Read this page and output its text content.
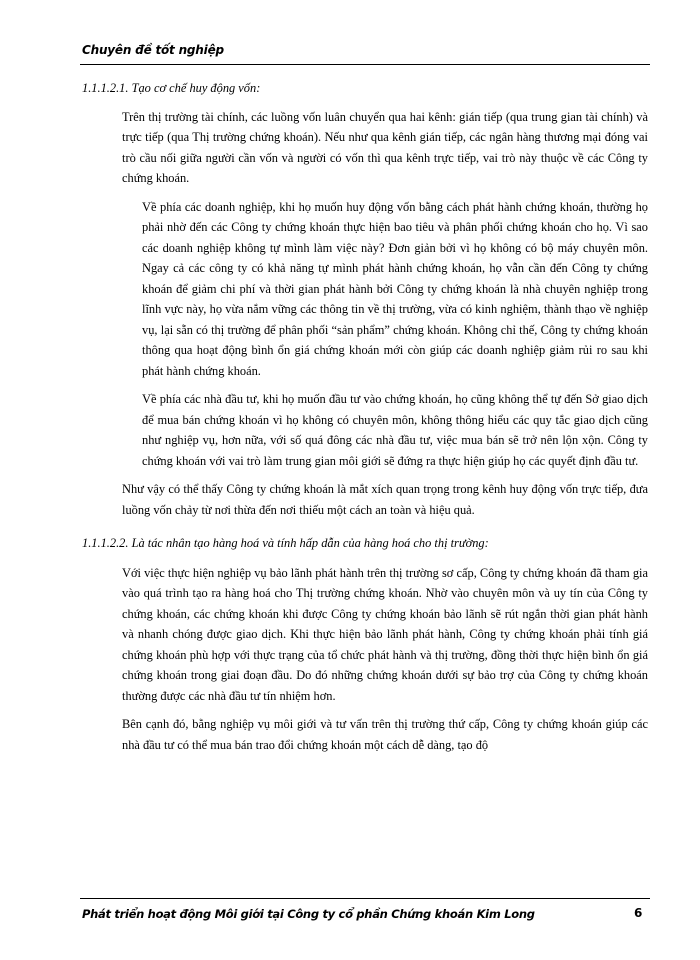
Chuyên đề tốt nghiệp
1.1.1.2.1. Tạo cơ chế huy động vốn:

Trên thị trường tài chính, các luồng vốn luân chuyển qua hai kênh: gián tiếp (qua trung gian tài chính) và trực tiếp (qua Thị trường chứng khoán). Nếu như qua kênh gián tiếp, các ngân hàng thương mại đóng vai trò cầu nối giữa người cần vốn và người có vốn thì qua kênh trực tiếp, vai trò này thuộc về các Công ty chứng khoán.

Về phía các doanh nghiệp, khi họ muốn huy động vốn bằng cách phát hành chứng khoán, thường họ phải nhờ đến các Công ty chứng khoán thực hiện bao tiêu và phân phối chứng khoán cho họ. Vì sao các doanh nghiệp không tự mình làm việc này? Đơn giản bởi vì họ không có bộ máy chuyên môn. Ngay cả các công ty có khả năng tự mình phát hành chứng khoán, họ vẫn cần đến Công ty chứng khoán để giảm chi phí và thời gian phát hành bởi Công ty chứng khoán là nhà chuyên nghiệp trong lĩnh vực này, họ vừa nắm vững các thông tin về thị trường, vừa có kinh nghiệm, thành thạo về nghiệp vụ, lại sẵn có thị trường để phân phối “sản phẩm” chứng khoán. Không chỉ thế, Công ty chứng khoán thông qua hoạt động bình ổn giá chứng khoán mới còn giúp các doanh nghiệp giảm rủi ro sau khi phát hành chứng khoán.

Về phía các nhà đầu tư, khi họ muốn đầu tư vào chứng khoán, họ cũng không thể tự đến Sở giao dịch để mua bán chứng khoán vì họ không có chuyên môn, không thông hiểu các quy tắc giao dịch cũng như nghiệp vụ, hơn nữa, với số quá đông các nhà đầu tư, việc mua bán sẽ trở nên lộn xộn. Công ty chứng khoán với vai trò làm trung gian môi giới sẽ đứng ra thực hiện giúp họ các quyết định đầu tư.

Như vậy có thể thấy Công ty chứng khoán là mắt xích quan trọng trong kênh huy động vốn trực tiếp, đưa luồng vốn chảy từ nơi thừa đến nơi thiếu một cách an toàn và hiệu quả.

1.1.1.2.2. Là tác nhân tạo hàng hoá và tính hấp dẫn của hàng hoá cho thị trường:

Với việc thực hiện nghiệp vụ bảo lãnh phát hành trên thị trường sơ cấp, Công ty chứng khoán đã tham gia vào quá trình tạo ra hàng hoá cho Thị trường chứng khoán. Nhờ vào chuyên môn và uy tín của Công ty chứng khoán, các chứng khoán khi được Công ty chứng khoán bảo lãnh sẽ rút ngắn thời gian phát hành và nhanh chóng được giao dịch. Khi thực hiện bảo lãnh phát hành, Công ty chứng khoán phải tính giá chứng khoán phù hợp với thực trạng của tổ chức phát hành và thị trường, đồng thời thực hiện bình ổn giá chứng khoán trong giai đoạn đầu. Do đó những chứng khoán dưới sự bảo trợ của Công ty chứng khoán thường được các nhà đầu tư tín nhiệm hơn.

Bên cạnh đó, bằng nghiệp vụ môi giới và tư vấn trên thị trường thứ cấp, Công ty chứng khoán giúp các nhà đầu tư có thể mua bán trao đổi chứng khoán một cách dễ dàng, tạo độ

Phát triển hoạt động Môi giới tại Công ty cổ phần Chứng khoán Kim Long	6
